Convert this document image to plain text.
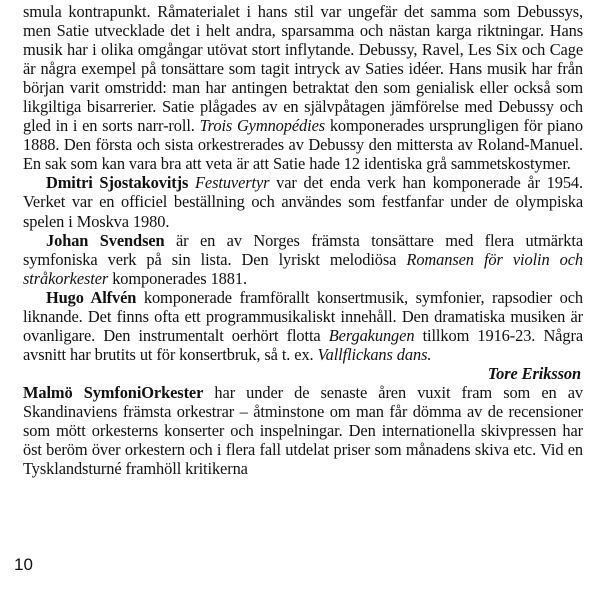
smula kontrapunkt. Råmaterialet i hans stil var ungefär det samma som Debussys, men Satie utvecklade det i helt andra, sparsamma och nästan karga riktningar. Hans musik har i olika omgångar utövat stort inflytande. Debussy, Ravel, Les Six och Cage är några exempel på tonsättare som tagit intryck av Saties idéer. Hans musik har från början varit omstridd: man har antingen betraktat den som genialisk eller också som likgiltiga bisarrerier. Satie plågades av en självpåtagen jämförelse med Debussy och gled in i en sorts narr-roll. Trois Gymnopédies komponerades ursprungligen för piano 1888. Den första och sista orkestrerades av Debussy den mittersta av Roland-Manuel. En sak som kan vara bra att veta är att Satie hade 12 identiska grå sammetskostymer.

Dmitri Sjostakovitjs Festuvertyr var det enda verk han komponerade år 1954. Verket var en officiel beställning och användes som festfanfar under de olympiska spelen i Moskva 1980.

Johan Svendsen är en av Norges främsta tonsättare med flera utmärkta symfoniska verk på sin lista. Den lyriskt melodiösa Romansen för violin och stråkorkester komponerades 1881.

Hugo Alfvén komponerade framförallt konsertmusik, symfonier, rapsodier och liknande. Det finns ofta ett programmusikaliskt innehåll. Den dramatiska musiken är ovanligare. Den instrumentalt oerhört flotta Bergakungen tillkom 1916-23. Några avsnitt har brutits ut för konsertbruk, så t. ex. Vallflickans dans.

Tore Eriksson

Malmö SymfoniOrkester har under de senaste åren vuxit fram som en av Skandinaviens främsta orkestrar – åtminstone om man får dömma av de recensioner som mött orkesterns konserter och inspelningar. Den internationella skivpressen har öst beröm över orkestern och i flera fall utdelat priser som månadens skiva etc. Vid en Tysklandsturné framhöll kritikerna

10
